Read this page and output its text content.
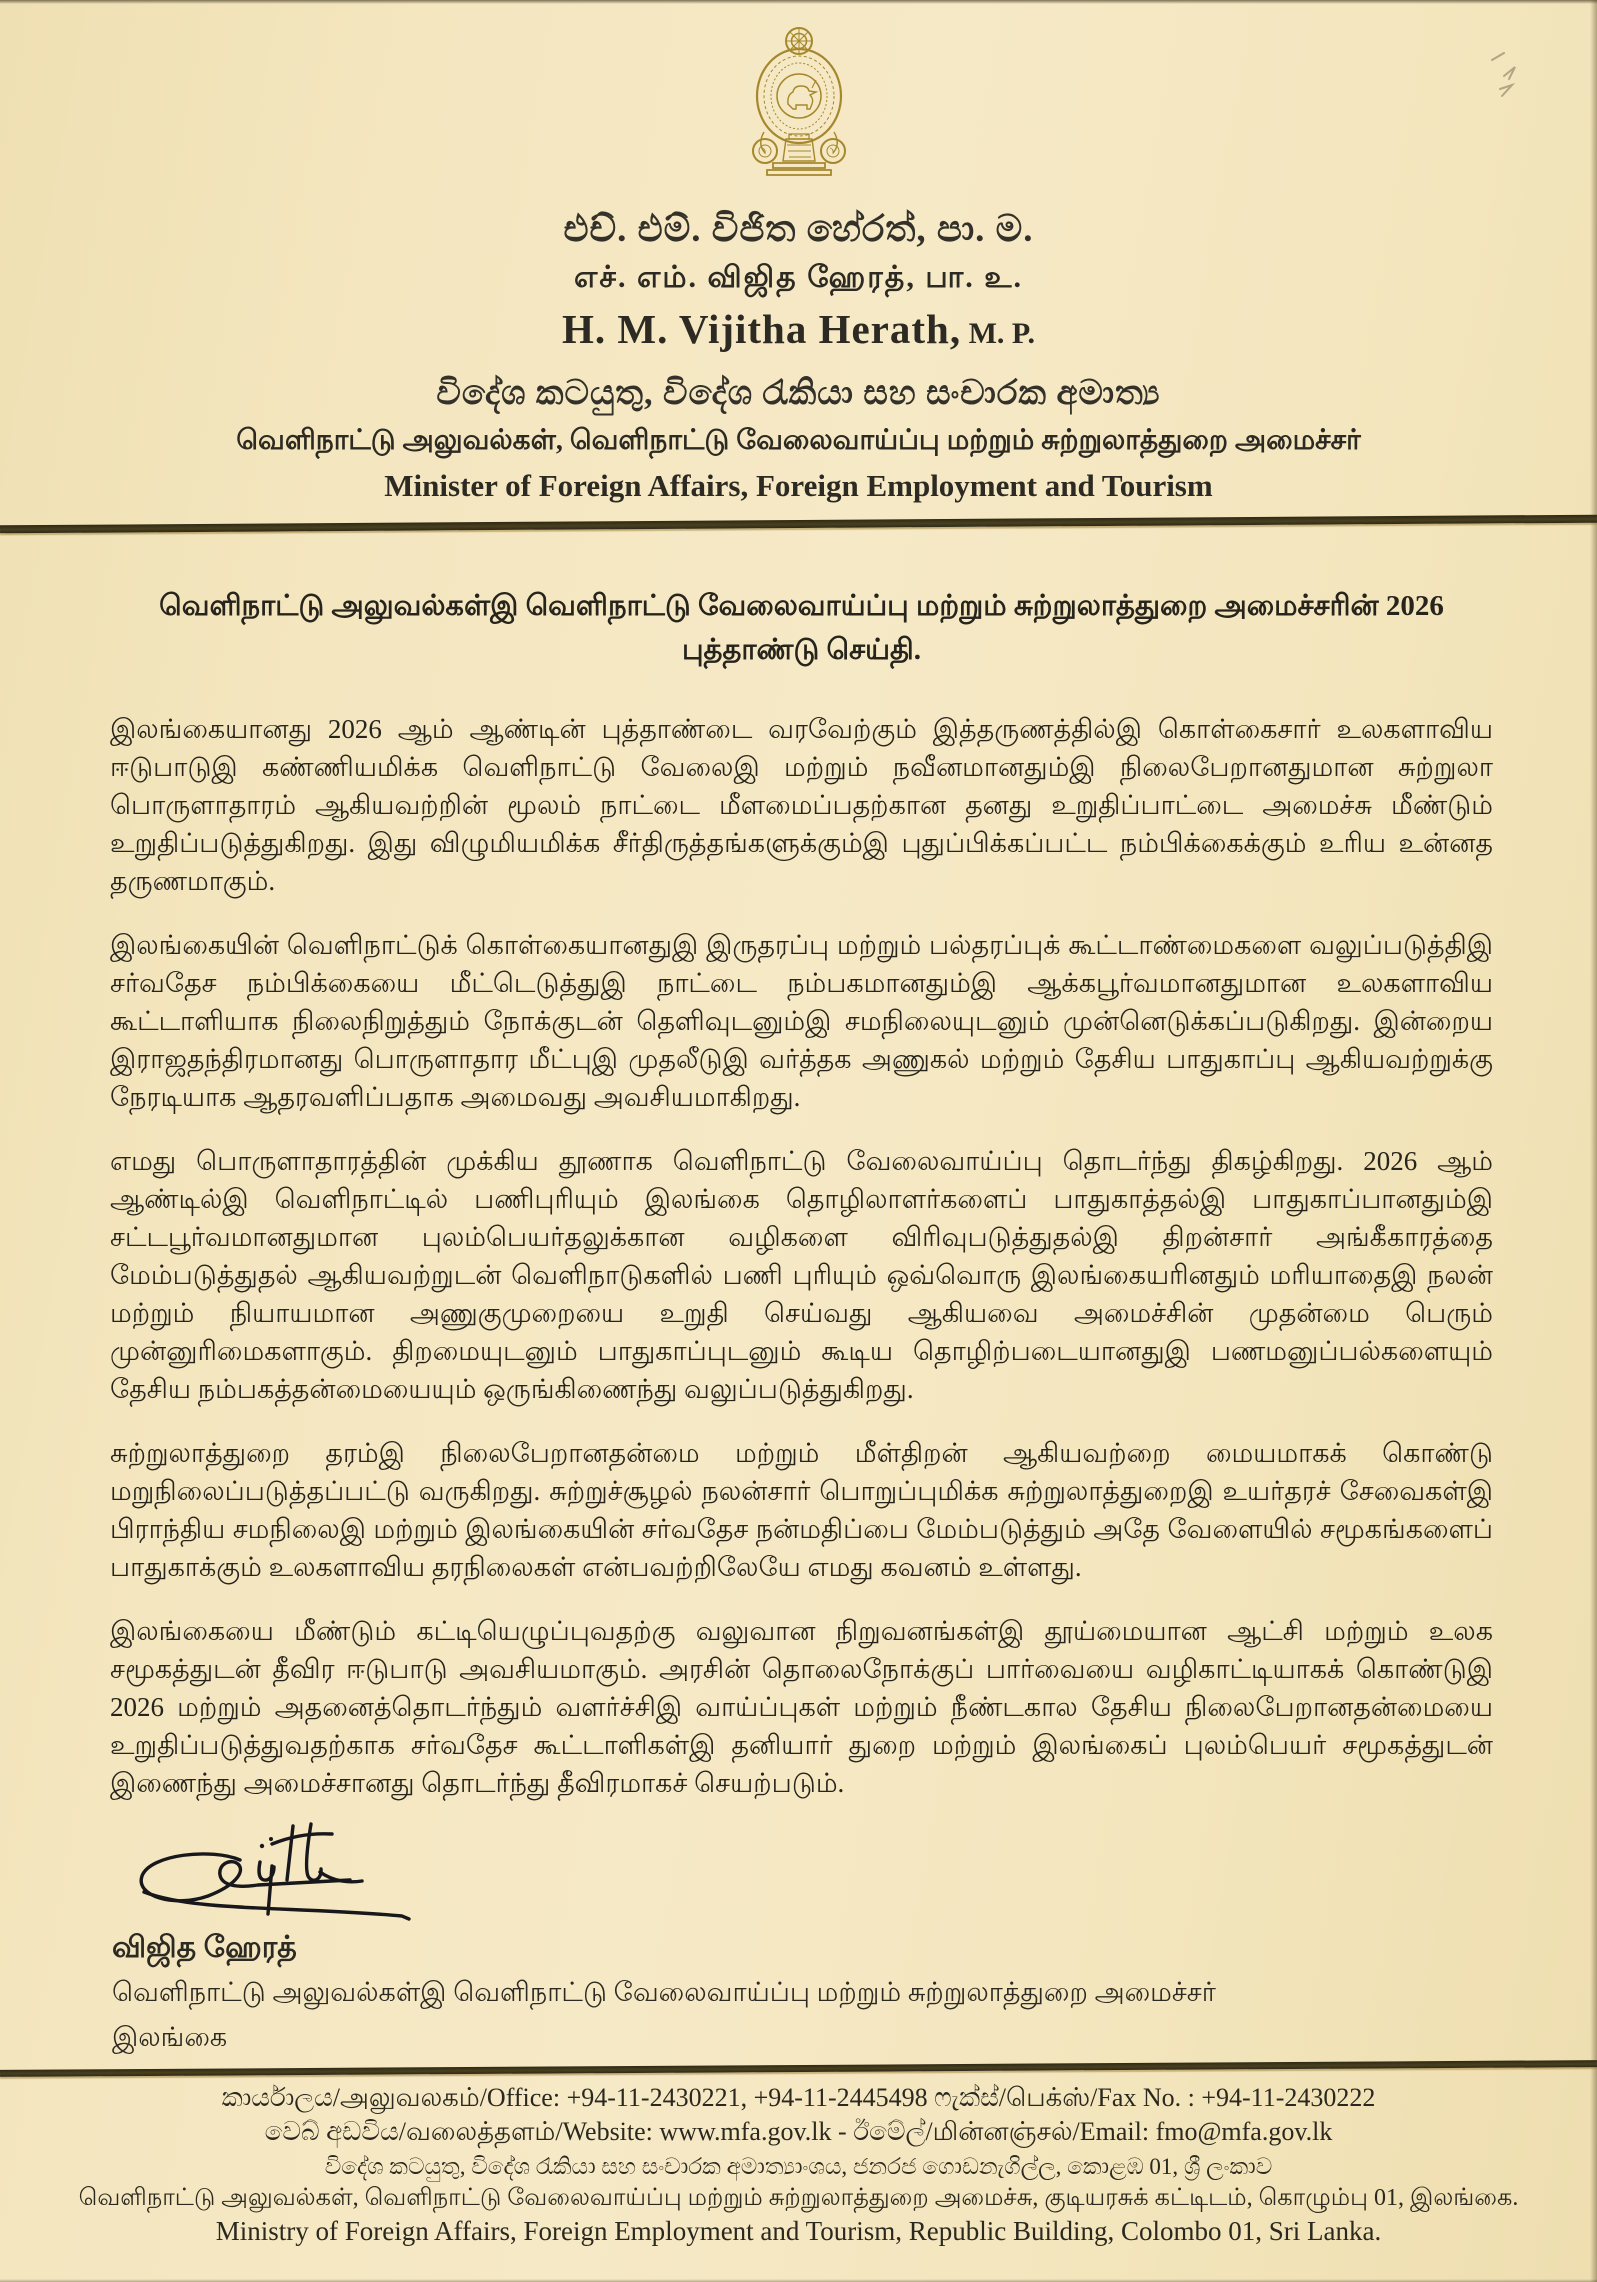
එච්. එම්. විජිත හේරත්, පා. ම.
எச். எம். விஜித ஹேரத், பா. உ.
H. M. Vijitha Herath, M. P.
විදේශ කටයුතු, විදේශ රැකියා සහ සංචාරක අමාත්‍ය
வெளிநாட்டு அலுவல்கள், வெளிநாட்டு வேலைவாய்ப்பு மற்றும் சுற்றுலாத்துறை அமைச்சர்
Minister of Foreign Affairs, Foreign Employment and Tourism
வெளிநாட்டு அலுவல்கள்இ வெளிநாட்டு வேலைவாய்ப்பு மற்றும் சுற்றுலாத்துறை அமைச்சரின் 2026
புத்தாண்டு செய்தி.

இலங்கையானது 2026 ஆம் ஆண்டின் புத்தாண்டை வரவேற்கும் இத்தருணத்தில்இ கொள்கைசார் உலகளாவிய ஈடுபாடுஇ கண்ணியமிக்க வெளிநாட்டு வேலைஇ மற்றும் நவீனமானதும்இ நிலைபேறானதுமான சுற்றுலா பொருளாதாரம் ஆகியவற்றின் மூலம் நாட்டை மீளமைப்பதற்கான தனது உறுதிப்பாட்டை அமைச்சு மீண்டும் உறுதிப்படுத்துகிறது. இது விழுமியமிக்க சீர்திருத்தங்களுக்கும்இ புதுப்பிக்கப்பட்ட நம்பிக்கைக்கும் உரிய உன்னத தருணமாகும்.

இலங்கையின் வெளிநாட்டுக் கொள்கையானதுஇ இருதரப்பு மற்றும் பல்தரப்புக் கூட்டாண்மைகளை வலுப்படுத்திஇ சர்வதேச நம்பிக்கையை மீட்டெடுத்துஇ நாட்டை நம்பகமானதும்இ ஆக்கபூர்வமானதுமான உலகளாவிய கூட்டாளியாக நிலைநிறுத்தும் நோக்குடன் தெளிவுடனும்இ சமநிலையுடனும் முன்னெடுக்கப்படுகிறது. இன்றைய இராஜதந்திரமானது பொருளாதார மீட்புஇ முதலீடுஇ வர்த்தக அணுகல் மற்றும் தேசிய பாதுகாப்பு ஆகியவற்றுக்கு நேரடியாக ஆதரவளிப்பதாக அமைவது அவசியமாகிறது.

எமது பொருளாதாரத்தின் முக்கிய தூணாக வெளிநாட்டு வேலைவாய்ப்பு தொடர்ந்து திகழ்கிறது. 2026 ஆம் ஆண்டில்இ வெளிநாட்டில் பணிபுரியும் இலங்கை தொழிலாளர்களைப் பாதுகாத்தல்இ பாதுகாப்பானதும்இ சட்டபூர்வமானதுமான புலம்பெயர்தலுக்கான வழிகளை விரிவுபடுத்துதல்இ திறன்சார் அங்கீகாரத்தை மேம்படுத்துதல் ஆகியவற்றுடன் வெளிநாடுகளில் பணி புரியும் ஒவ்வொரு இலங்கையரினதும் மரியாதைஇ நலன் மற்றும் நியாயமான அணுகுமுறையை உறுதி செய்வது ஆகியவை அமைச்சின் முதன்மை பெரும் முன்னுரிமைகளாகும். திறமையுடனும் பாதுகாப்புடனும் கூடிய தொழிற்படையானதுஇ பணமனுப்பல்களையும் தேசிய நம்பகத்தன்மையையும் ஒருங்கிணைந்து வலுப்படுத்துகிறது.

சுற்றுலாத்துறை தரம்இ நிலைபேறானதன்மை மற்றும் மீள்திறன் ஆகியவற்றை மையமாகக் கொண்டு மறுநிலைப்படுத்தப்பட்டு வருகிறது. சுற்றுச்சூழல் நலன்சார் பொறுப்புமிக்க சுற்றுலாத்துறைஇ உயர்தரச் சேவைகள்இ பிராந்திய சமநிலைஇ மற்றும் இலங்கையின் சர்வதேச நன்மதிப்பை மேம்படுத்தும் அதே வேளையில் சமூகங்களைப் பாதுகாக்கும் உலகளாவிய தரநிலைகள் என்பவற்றிலேயே எமது கவனம் உள்ளது.

இலங்கையை மீண்டும் கட்டியெழுப்புவதற்கு வலுவான நிறுவனங்கள்இ தூய்மையான ஆட்சி மற்றும் உலக சமூகத்துடன் தீவிர ஈடுபாடு அவசியமாகும். அரசின் தொலைநோக்குப் பார்வையை வழிகாட்டியாகக் கொண்டுஇ 2026 மற்றும் அதனைத்தொடர்ந்தும் வளர்ச்சிஇ வாய்ப்புகள் மற்றும் நீண்டகால தேசிய நிலைபேறானதன்மையை உறுதிப்படுத்துவதற்காக சர்வதேச கூட்டாளிகள்இ தனியார் துறை மற்றும் இலங்கைப் புலம்பெயர் சமூகத்துடன் இணைந்து அமைச்சானது தொடர்ந்து தீவிரமாகச் செயற்படும்.

விஜித ஹேரத்
வெளிநாட்டு அலுவல்கள்இ வெளிநாட்டு வேலைவாய்ப்பு மற்றும் சுற்றுலாத்துறை அமைச்சர்
இலங்கை
කාර්යාලය/அலுவலகம்/Office: +94-11-2430221, +94-11-2445498 ෆැක්ස්/பெக்ஸ்/Fax No. : +94-11-2430222
වෙබ් අඩවිය/வலைத்தளம்/Website: www.mfa.gov.lk - ඊමේල්/மின்னஞ்சல்/Email: fmo@mfa.gov.lk
විදේශ කටයුතු, විදේශ රැකියා සහ සංචාරක අමාත්‍යාංශය, ජනරජ ගොඩනැගිල්ල, කොළඹ 01, ශ්‍රී ලංකාව
வெளிநாட்டு அலுவல்கள், வெளிநாட்டு வேலைவாய்ப்பு மற்றும் சுற்றுலாத்துறை அமைச்சு, குடியரசுக் கட்டிடம், கொழும்பு 01, இலங்கை.
Ministry of Foreign Affairs, Foreign Employment and Tourism, Republic Building, Colombo 01, Sri Lanka.
